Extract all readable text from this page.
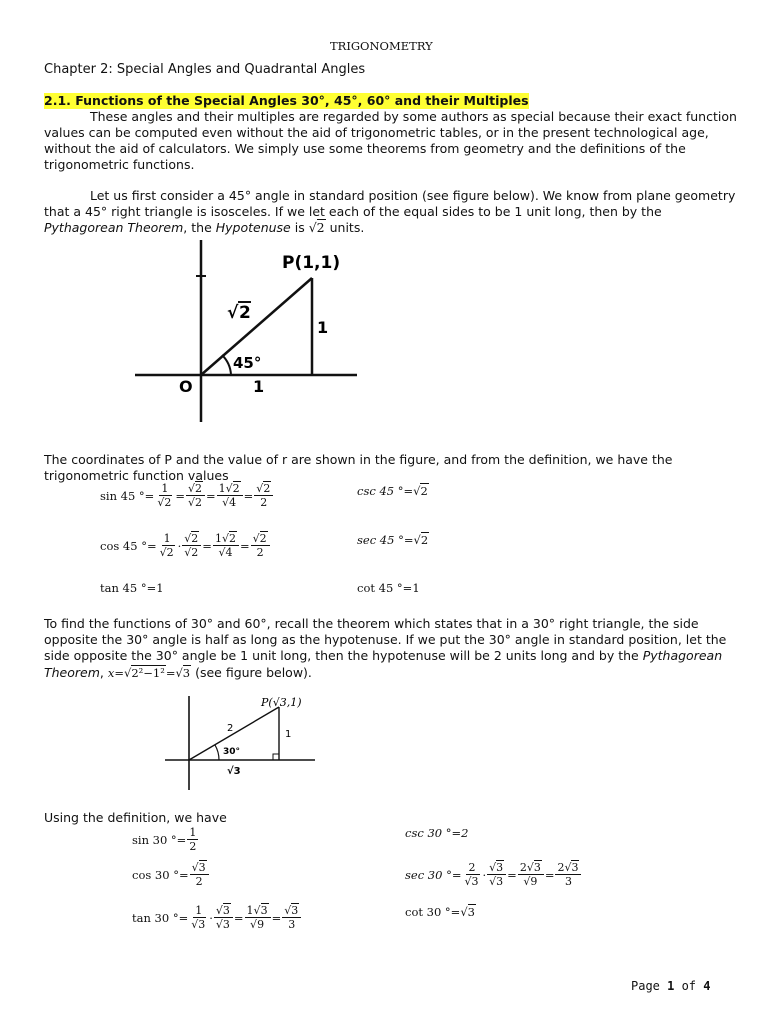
TRIGONOMETRY
Chapter 2: Special Angles and Quadrantal Angles
2.1. Functions of the Special Angles 30°, 45°, 60° and their Multiples
These angles and their multiples are regarded by some authors as special because their exact function
values can be computed even without the aid of trigonometric tables, or in the present technological age,
without the aid of calculators. We simply use some theorems from geometry and the definitions of the
trigonometric functions.
Let us first consider a 45° angle in standard position (see figure below). We know from plane geometry
that a 45° right triangle is isosceles. If we let each of the equal sides to be 1 unit long, then by the
Pythagorean Theorem, the Hypotenuse is √2 units.
P(1,1)
√ 2
1
45°
1
O
The coordinates of P and the value of r are shown in the figure, and from the definition, we have the
trigonometric function values
sin 45 °= $\frac{1}{√2} = \frac{√2}{√2} = \frac{1√2}{√4} = \frac{√2}{2}$	csc 45 °= √2
cos 45 °= $\frac{1}{√2} \cdot \frac{√2}{√2} = \frac{1√2}{√4} = \frac{√2}{2}$	sec 45 °= √2
tan 45 °=1	cot 45 °=1
To find the functions of 30° and 60°, recall the theorem which states that in a 30° right triangle, the side
opposite the 30° angle is half as long as the hypotenuse. If we put the 30° angle in standard position, let the
side opposite the 30° angle be 1 unit long, then the hypotenuse will be 2 units long and by the Pythagorean
Theorem, x=√2²−1²=√3 (see figure below).
P(√3,1)
2
1
30°
√3
Using the definition, we have
sin 30 °= $\frac{1}{2}$	csc 30 °=2
cos 30 °= $\frac{√3}{2}$	sec 30 °= $\frac{2}{√3} \cdot \frac{√3}{√3} = \frac{2√3}{√9} = \frac{2√3}{3}$
tan 30 °= $\frac{1}{√3} \cdot \frac{√3}{√3} = \frac{1√3}{√9} = \frac{√3}{3}$	cot 30 °= √3
Page 1 of 4
